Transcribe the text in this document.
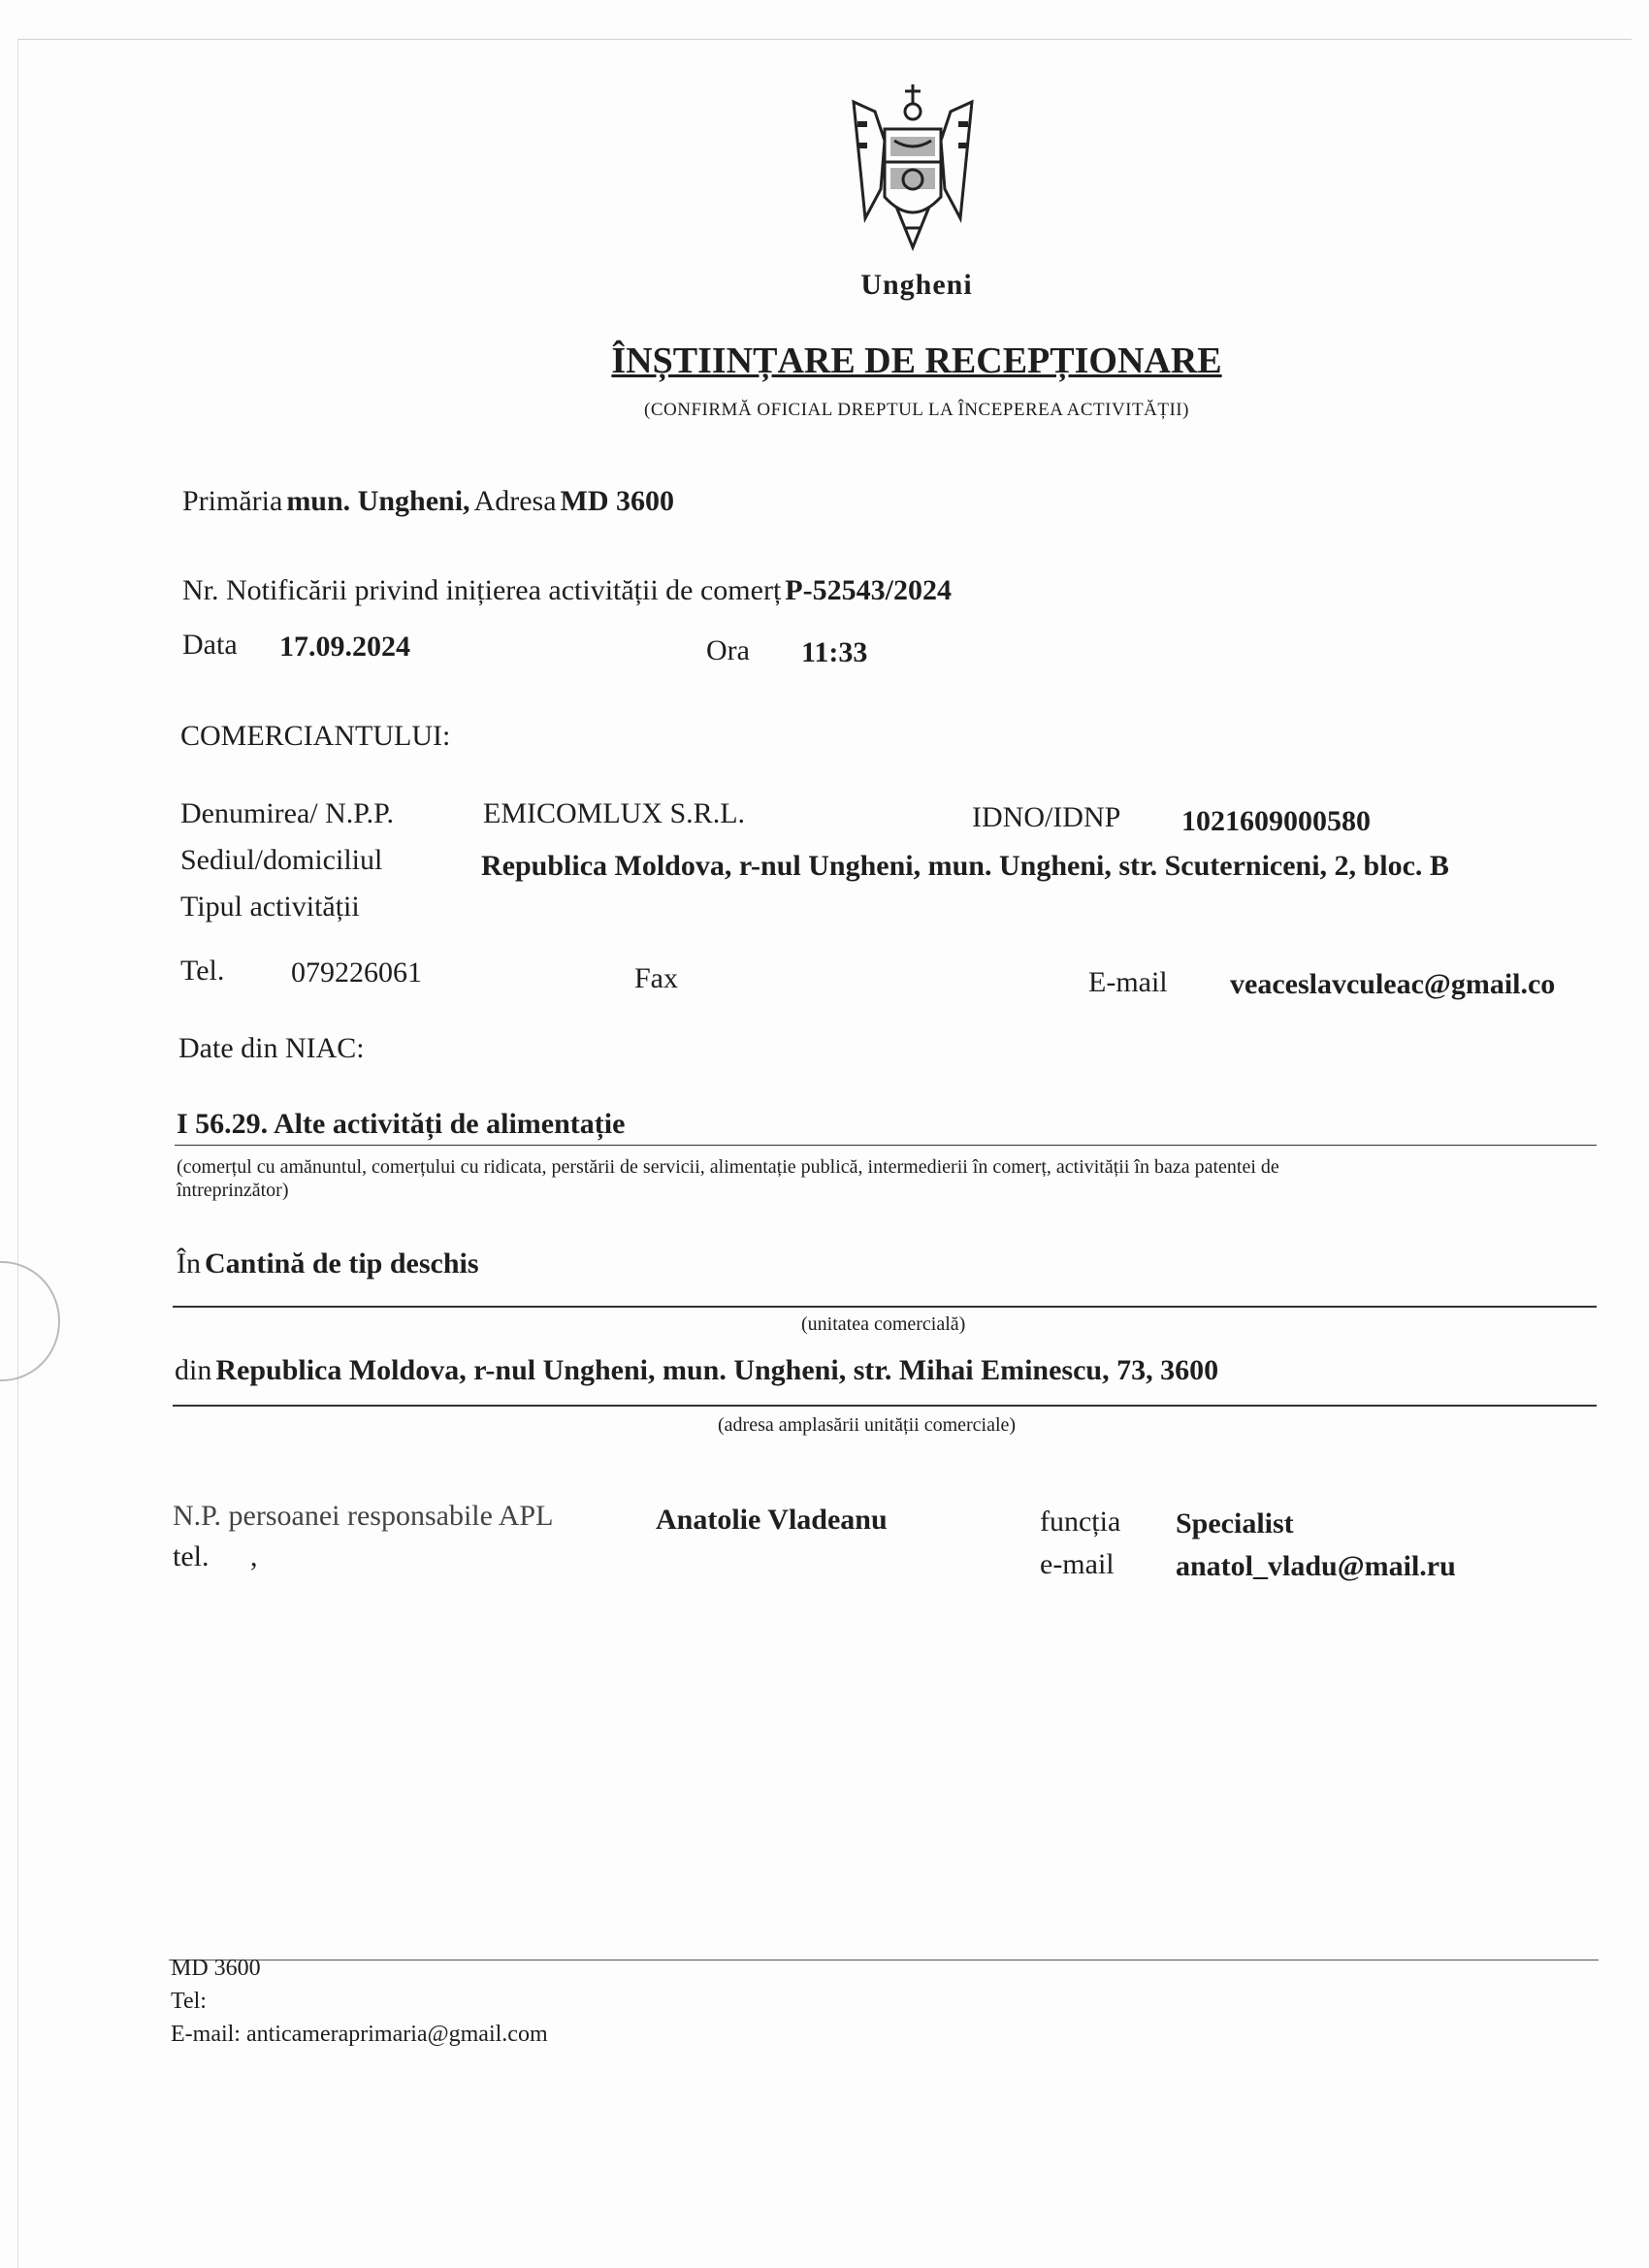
Ungheni
ÎNȘTIINȚARE DE RECEPȚIONARE
(CONFIRMĂ OFICIAL DREPTUL LA ÎNCEPEREA ACTIVITĂȚII)
Primăria mun. Ungheni, Adresa MD 3600
Nr. Notificării privind inițierea activității de comerț P-52543/2024
Data 17.09.2024	Ora 11:33
COMERCIANTULUI:
Denumirea/ N.P.P.	EMICOMLUX S.R.L.	IDNO/IDNP 1021609000580
Sediul/domiciliul	Republica Moldova, r-nul Ungheni, mun. Ungheni, str. Scuterniceni, 2, bloc. B
Tipul activității
Tel. 079226061	Fax	E-mail veaceslavculeac@gmail.co
Date din NIAC:
I 56.29. Alte activități de alimentație
(comerțul cu amănuntul, comerțului cu ridicata, perstării de servicii, alimentație publică, intermedierii în comerț, activității în baza patentei de
întreprinzător)
În Cantină de tip deschis
(unitatea comercială)
din Republica Moldova, r-nul Ungheni, mun. Ungheni, str. Mihai Eminescu, 73, 3600
(adresa amplasării unității comerciale)
N.P. persoanei responsabile APL	Anatolie Vladeanu	funcția Specialist
tel. ,	e-mail anatol_vladu@mail.ru
MD 3600
Tel:
E-mail: anticameraprimaria@gmail.com
